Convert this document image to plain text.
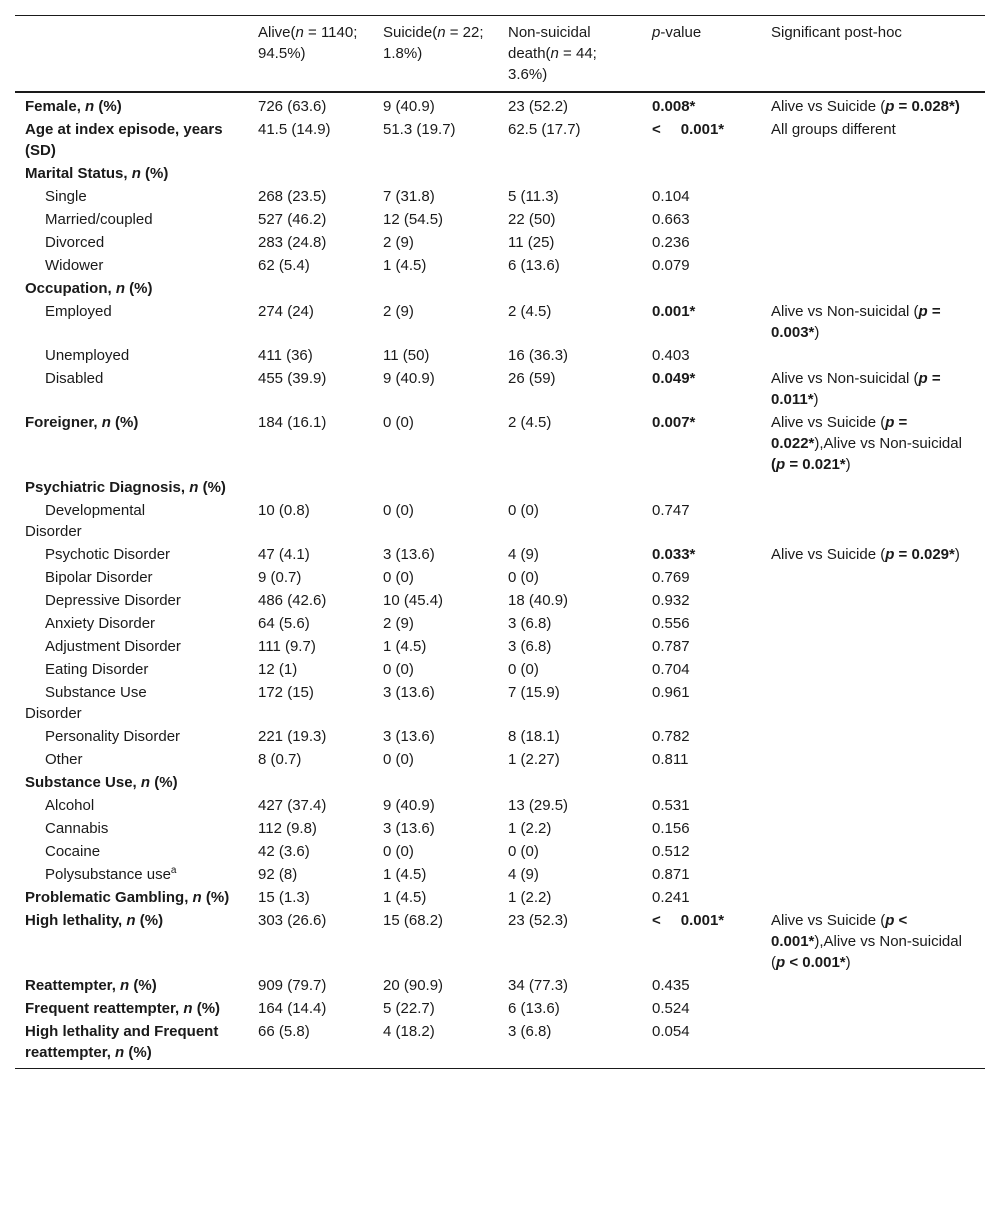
	Alive(n = 1140; 94.5%)	Suicide(n = 22; 1.8%)	Non-suicidal death(n = 44; 3.6%)	p-value	Significant post-hoc
Female, n (%)	726 (63.6)	9 (40.9)	23 (52.2)	0.008*	Alive vs Suicide (p = 0.028*)
Age at index episode, years (SD)	41.5 (14.9)	51.3 (19.7)	62.5 (17.7)	< 0.001*	All groups different
Marital Status, n (%)					
Single	268 (23.5)	7 (31.8)	5 (11.3)	0.104	
Married/coupled	527 (46.2)	12 (54.5)	22 (50)	0.663	
Divorced	283 (24.8)	2 (9)	11 (25)	0.236	
Widower	62 (5.4)	1 (4.5)	6 (13.6)	0.079	
Occupation, n (%)					
Employed	274 (24)	2 (9)	2 (4.5)	0.001*	Alive vs Non-suicidal (p = 0.003*)
Unemployed	411 (36)	11 (50)	16 (36.3)	0.403	
Disabled	455 (39.9)	9 (40.9)	26 (59)	0.049*	Alive vs Non-suicidal (p = 0.011*)
Foreigner, n (%)	184 (16.1)	0 (0)	2 (4.5)	0.007*	Alive vs Suicide (p = 0.022*),Alive vs Non-suicidal (p = 0.021*)
Psychiatric Diagnosis, n (%)					
Developmental
Disorder	10 (0.8)	0 (0)	0 (0)	0.747	
Psychotic Disorder	47 (4.1)	3 (13.6)	4 (9)	0.033*	Alive vs Suicide (p = 0.029*)
Bipolar Disorder	9 (0.7)	0 (0)	0 (0)	0.769	
Depressive Disorder	486 (42.6)	10 (45.4)	18 (40.9)	0.932	
Anxiety Disorder	64 (5.6)	2 (9)	3 (6.8)	0.556	
Adjustment Disorder	111 (9.7)	1 (4.5)	3 (6.8)	0.787	
Eating Disorder	12 (1)	0 (0)	0 (0)	0.704	
Substance Use
Disorder	172 (15)	3 (13.6)	7 (15.9)	0.961	
Personality Disorder	221 (19.3)	3 (13.6)	8 (18.1)	0.782	
Other	8 (0.7)	0 (0)	1 (2.27)	0.811	
Substance Use, n (%)					
Alcohol	427 (37.4)	9 (40.9)	13 (29.5)	0.531	
Cannabis	112 (9.8)	3 (13.6)	1 (2.2)	0.156	
Cocaine	42 (3.6)	0 (0)	0 (0)	0.512	
Polysubstance use$^a$	92 (8)	1 (4.5)	4 (9)	0.871	
Problematic Gambling, n (%)	15 (1.3)	1 (4.5)	1 (2.2)	0.241	
High lethality, n (%)	303 (26.6)	15 (68.2)	23 (52.3)	< 0.001*	Alive vs Suicide (p < 0.001*),Alive vs Non-suicidal (p < 0.001*)
Reattempter, n (%)	909 (79.7)	20 (90.9)	34 (77.3)	0.435	
Frequent reattempter, n (%)	164 (14.4)	5 (22.7)	6 (13.6)	0.524	
High lethality and Frequent reattempter, n (%)	66 (5.8)	4 (18.2)	3 (6.8)	0.054	
